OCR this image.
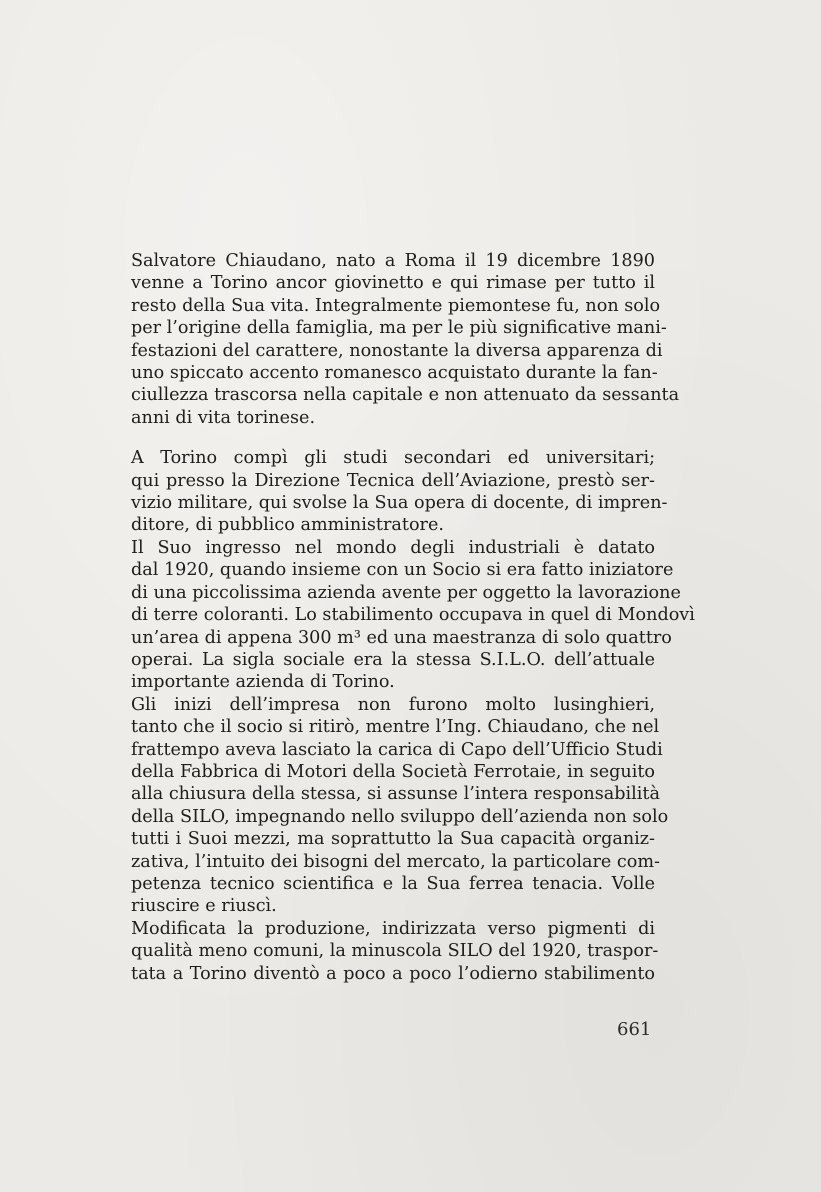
Salvatore Chiaudano, nato a Roma il 19 dicembre 1890
venne a Torino ancor giovinetto e qui rimase per tutto il
resto della Sua vita. Integralmente piemontese fu, non solo
per l’origine della famiglia, ma per le più significative mani-
festazioni del carattere, nonostante la diversa apparenza di
uno spiccato accento romanesco acquistato durante la fan-
ciullezza trascorsa nella capitale e non attenuato da sessanta
anni di vita torinese.
A Torino compì gli studi secondari ed universitari;
qui presso la Direzione Tecnica dell’Aviazione, prestò ser-
vizio militare, qui svolse la Sua opera di docente, di impren-
ditore, di pubblico amministratore.
Il Suo ingresso nel mondo degli industriali è datato
dal 1920, quando insieme con un Socio si era fatto iniziatore
di una piccolissima azienda avente per oggetto la lavorazione
di terre coloranti. Lo stabilimento occupava in quel di Mondovì
un’area di appena 300 m³ ed una maestranza di solo quattro
operai. La sigla sociale era la stessa S.I.L.O. dell’attuale
importante azienda di Torino.
Gli inizi dell’impresa non furono molto lusinghieri,
tanto che il socio si ritirò, mentre l’Ing. Chiaudano, che nel
frattempo aveva lasciato la carica di Capo dell’Ufficio Studi
della Fabbrica di Motori della Società Ferrotaie, in seguito
alla chiusura della stessa, si assunse l’intera responsabilità
della SILO, impegnando nello sviluppo dell’azienda non solo
tutti i Suoi mezzi, ma soprattutto la Sua capacità organiz-
zativa, l’intuito dei bisogni del mercato, la particolare com-
petenza tecnico scientifica e la Sua ferrea tenacia. Volle
riuscire e riuscì.
Modificata la produzione, indirizzata verso pigmenti di
qualità meno comuni, la minuscola SILO del 1920, traspor-
tata a Torino diventò a poco a poco l’odierno stabilimento
661
